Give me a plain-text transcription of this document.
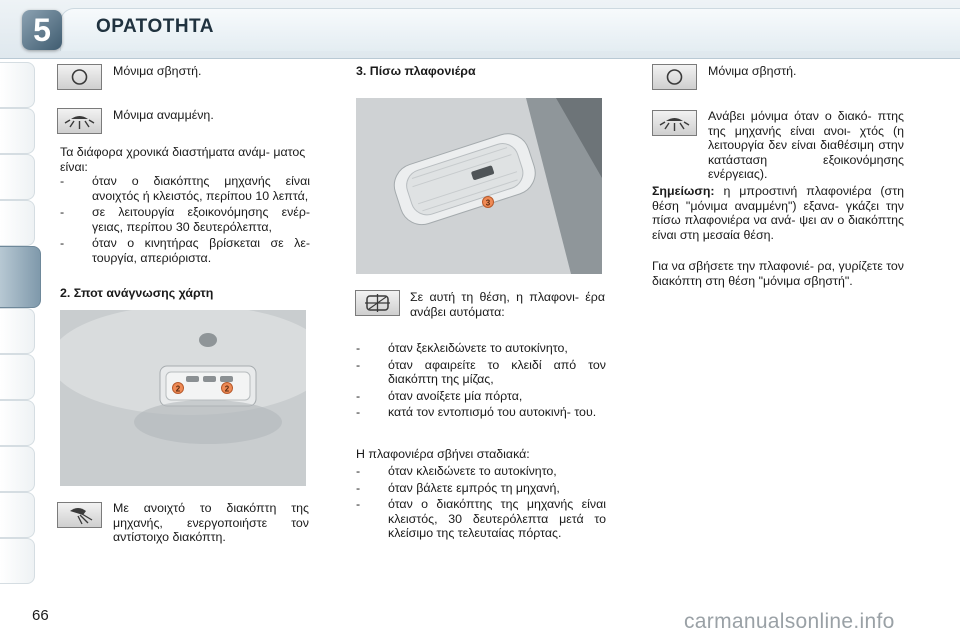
5	ΟΡΑΤΟΤΗΤΑ
Μόνιμα σβηστή.
Μόνιμα αναμμένη.
Τα διάφορα χρονικά διαστήματα ανάμ- ματος είναι:
- όταν ο διακόπτης μηχανής είναι ανοιχτός ή κλειστός, περίπου 10 λεπτά,
- σε λειτουργία εξοικονόμησης ενέρ- γειας, περίπου 30 δευτερόλεπτα,
- όταν ο κινητήρας βρίσκεται σε λε- τουργία, απεριόριστα.
2. Σποτ ανάγνωσης χάρτη
2	2
Με ανοιχτό το διακόπτη της μηχανής, ενεργοποιήστε τον αντίστοιχο διακόπτη.
3. Πίσω πλαφονιέρα
3
Σε αυτή τη θέση, η πλαφονι- έρα ανάβει αυτόματα:
- όταν ξεκλειδώνετε το αυτοκίνητο,
- όταν αφαιρείτε το κλειδί από τον διακόπτη της μίζας,
- όταν ανοίξετε μία πόρτα,
- κατά τον εντοπισμό του αυτοκινή- του.
Η πλαφονιέρα σβήνει σταδιακά:
- όταν κλειδώνετε το αυτοκίνητο,
- όταν βάλετε εμπρός τη μηχανή,
- όταν ο διακόπτης της μηχανής είναι κλειστός, 30 δευτερόλεπτα μετά το κλείσιμο της τελευταίας πόρτας.
Μόνιμα σβηστή.
Ανάβει μόνιμα όταν ο διακό- πτης της μηχανής είναι ανοι- χτός (η λειτουργία δεν είναι διαθέσιμη στην κατάσταση εξοικονόμησης ενέργειας).
Σημείωση: η μπροστινή πλαφονιέρα (στη θέση "μόνιμα αναμμένη") εξανα- γκάζει την πίσω πλαφονιέρα να ανά- ψει αν ο διακόπτης είναι στη μεσαία θέση.
Για να σβήσετε την πλαφονιέ- ρα, γυρίζετε τον διακόπτη στη θέση "μόνιμα σβηστή".
66	carmanualsonline.info
